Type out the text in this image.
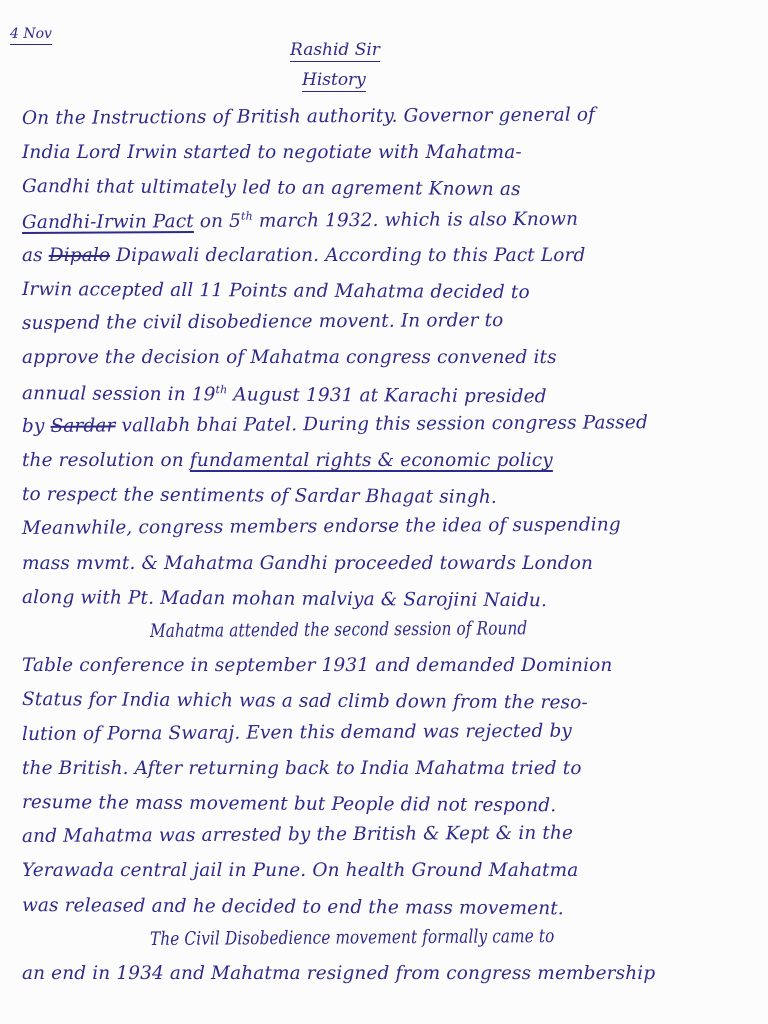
4 Nov
Rashid Sir
History
On the Instructions of British authority. Governor general of
India Lord Irwin started to negotiate with Mahatma-
Gandhi that ultimately led to an agrement Known as
Gandhi-Irwin Pact on 5th march 1932. which is also Known
as Dipalo Dipawali declaration. According to this Pact Lord
Irwin accepted all 11 Points and Mahatma decided to
suspend the civil disobedience movent. In order to
approve the decision of Mahatma congress convened its
annual session in 19th August 1931 at Karachi presided
by Sardar vallabh bhai Patel. During this session congress Passed
the resolution on fundamental rights & economic policy
to respect the sentiments of Sardar Bhagat singh.
Meanwhile, congress members endorse the idea of suspending
mass mvmt. & Mahatma Gandhi proceeded towards London
along with Pt. Madan mohan malviya & Sarojini Naidu.
Mahatma attended the second session of Round
Table conference in september 1931 and demanded Dominion
Status for India which was a sad climb down from the reso-
lution of Porna Swaraj. Even this demand was rejected by
the British. After returning back to India Mahatma tried to
resume the mass movement but People did not respond.
and Mahatma was arrested by the British & Kept & in the
Yerawada central jail in Pune. On health Ground Mahatma
was released and he decided to end the mass movement.
The Civil Disobedience movement formally came to
an end in 1934 and Mahatma resigned from congress membership
